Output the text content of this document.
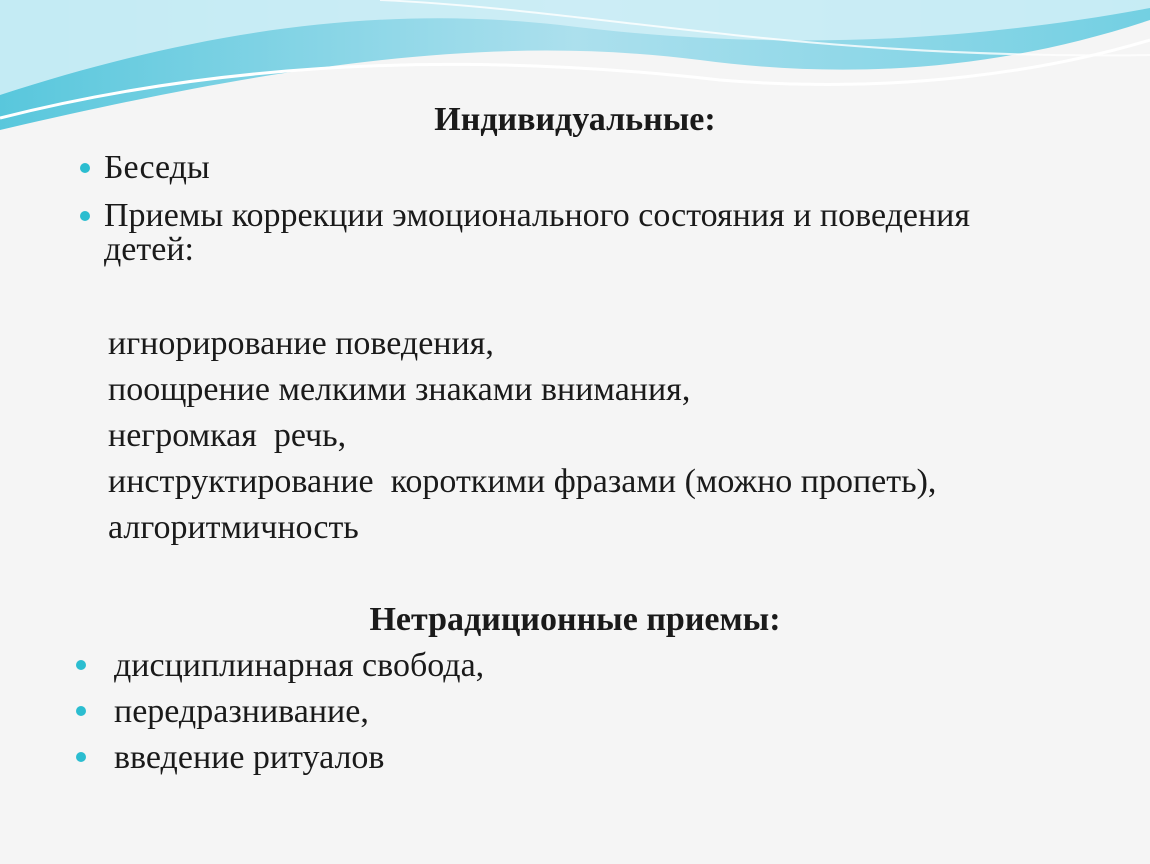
Индивидуальные:
Беседы
Приемы коррекции эмоционального состояния и поведения
детей:
игнорирование поведения,
поощрение мелкими знаками внимания,
негромкая  речь,
инструктирование  короткими фразами (можно пропеть),
алгоритмичность
Нетрадиционные приемы:
дисциплинарная свобода,
передразнивание,
введение ритуалов
